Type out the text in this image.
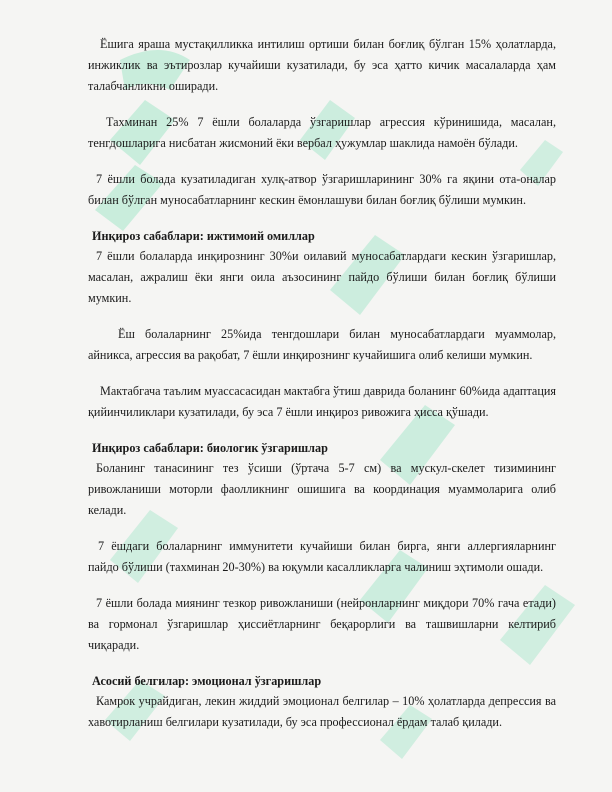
Ёшига яраша мустақилликка интилиш ортиши билан боғлиқ бўлган 15% ҳолатларда, инжиклик ва эътирозлар кучайиши кузатилади, бу эса ҳатто кичик масалаларда ҳам талабчанликни оширади.

Тахминан 25% 7 ёшли болаларда ўзгаришлар агрессия кўринишида, масалан, тенгдошларига нисбатан жисмоний ёки вербал ҳужумлар шаклида намоён бўлади.

7 ёшли болада кузатиладиган хулқ-атвор ўзгаришларининг 30% га яқини ота-оналар билан бўлган муносабатларнинг кескин ёмонлашуви билан боғлиқ бўлиши мумкин.

Инқироз сабаблари: ижтимоий омиллар

7 ёшли болаларда инқирознинг 30%и оилавий муносабатлардаги кескин ўзгаришлар, масалан, ажралиш ёки янги оила аъзосининг пайдо бўлиши билан боғлиқ бўлиши мумкин.

Ёш болаларнинг 25%ида тенгдошлари билан муносабатлардаги муаммолар, айникса, агрессия ва рақобат, 7 ёшли инқирознинг кучайишига олиб келиши мумкин.

Мактабгача таълим муассасасидан мактабга ўтиш даврида боланинг 60%ида адаптация қийинчиликлари кузатилади, бу эса 7 ёшли инқироз ривожига ҳисса қўшади.

Инқироз сабаблари: биологик ўзгаришлар

Боланинг танасининг тез ўсиши (ўртача 5-7 см) ва мускул-скелет тизимининг ривожланиши моторли фаолликнинг ошишига ва координация муаммоларига олиб келади.

7 ёшдаги болаларнинг иммунитети кучайиши билан бирга, янги аллергияларнинг пайдо бўлиши (тахминан 20-30%) ва юқумли касалликларга чалиниш эҳтимоли ошади.

7 ёшли болада миянинг тезкор ривожланиши (нейронларнинг миқдори 70% гача етади) ва гормонал ўзгаришлар ҳиссиётларнинг беқарорлиги ва ташвишларни келтириб чиқаради.

Асосий белгилар: эмоционал ўзгаришлар

Камрок учрайдиган, лекин жиддий эмоционал белгилар – 10% ҳолатларда депрессия ва хавотирланиш белгилари кузатилади, бу эса профессионал ёрдам талаб қилади.
